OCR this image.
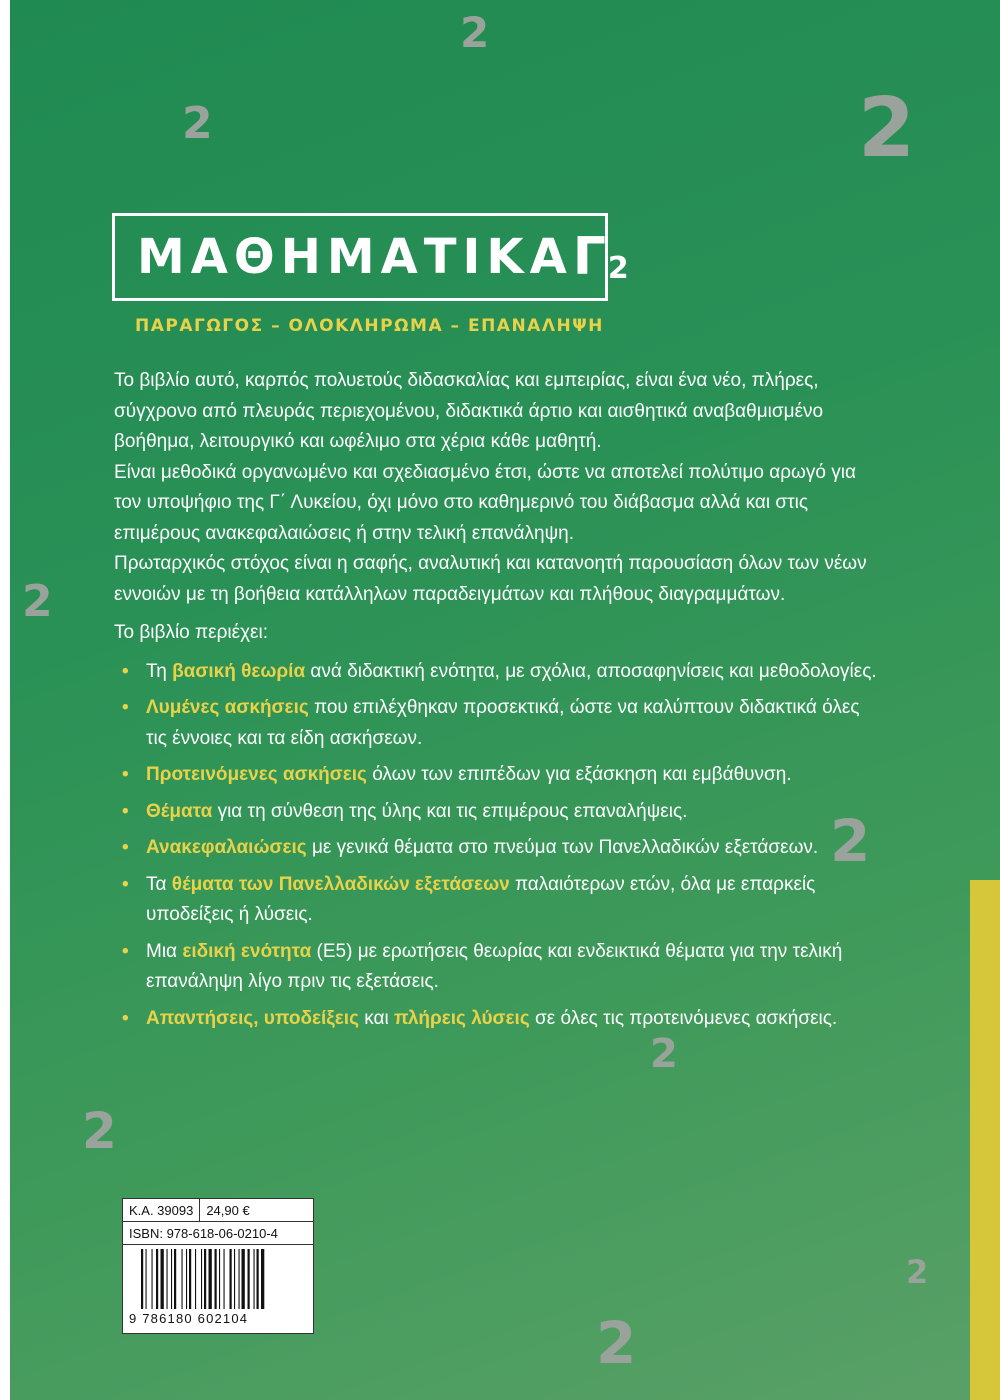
2
2	2
2
2
2
2
2
2
ΜΑΘΗΜΑΤΙΚΑ Γ 2
ΠΑΡΑΓΩΓΟΣ – ΟΛΟΚΛΗΡΩΜΑ – ΕΠΑΝΑΛΗΨΗ

Το βιβλίο αυτό, καρπός πολυετούς διδασκαλίας και εμπειρίας, είναι ένα νέο, πλήρες, σύγχρονο από πλευράς περιεχομένου, διδακτικά άρτιο και αισθητικά αναβαθμισμένο βοήθημα, λειτουργικό και ωφέλιμο στα χέρια κάθε μαθητή.

Είναι μεθοδικά οργανωμένο και σχεδιασμένο έτσι, ώστε να αποτελεί πολύτιμο αρωγό για τον υποψήφιο της Γ΄ Λυκείου, όχι μόνο στο καθημερινό του διάβασμα αλλά και στις επιμέρους ανακεφαλαιώσεις ή στην τελική επανάληψη.

Πρωταρχικός στόχος είναι η σαφής, αναλυτική και κατανοητή παρουσίαση όλων των νέων εννοιών με τη βοήθεια κατάλληλων παραδειγμάτων και πλήθους διαγραμμάτων.

Το βιβλίο περιέχει:

• Τη βασική θεωρία ανά διδακτική ενότητα, με σχόλια, αποσαφηνίσεις και μεθοδολογίες.
• Λυμένες ασκήσεις που επιλέχθηκαν προσεκτικά, ώστε να καλύπτουν διδακτικά όλες τις έννοιες και τα είδη ασκήσεων.
• Προτεινόμενες ασκήσεις όλων των επιπέδων για εξάσκηση και εμβάθυνση.
• Θέματα για τη σύνθεση της ύλης και τις επιμέρους επαναλήψεις.
• Ανακεφαλαιώσεις με γενικά θέματα στο πνεύμα των Πανελλαδικών εξετάσεων.
• Τα θέματα των Πανελλαδικών εξετάσεων παλαιότερων ετών, όλα με επαρκείς υποδείξεις ή λύσεις.
• Μια ειδική ενότητα (Ε5) με ερωτήσεις θεωρίας και ενδεικτικά θέματα για την τελική επανάληψη λίγο πριν τις εξετάσεις.
• Απαντήσεις, υποδείξεις και πλήρεις λύσεις σε όλες τις προτεινόμενες ασκήσεις.
Κ.Α. 39093	24,90 €
ISBN: 978-618-06-0210-4
9 786180 602104
